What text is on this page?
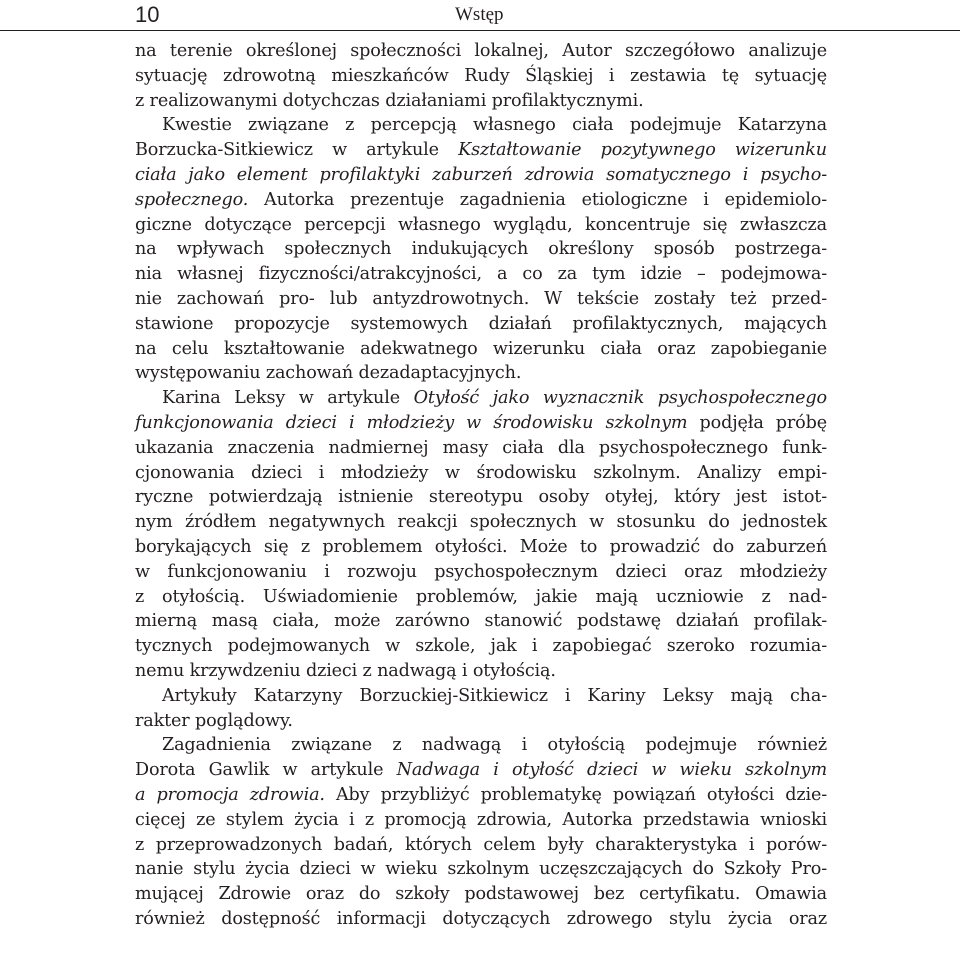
10	Wstęp
na terenie określonej społeczności lokalnej, Autor szczegółowo analizuje
sytuację zdrowotną mieszkańców Rudy Śląskiej i zestawia tę sytuację
z realizowanymi dotychczas działaniami profilaktycznymi.
Kwestie związane z percepcją własnego ciała podejmuje Katarzyna
Borzucka-Sitkiewicz w artykule Kształtowanie pozytywnego wizerunku
ciała jako element profilaktyki zaburzeń zdrowia somatycznego i psycho-
społecznego. Autorka prezentuje zagadnienia etiologiczne i epidemiolo-
giczne dotyczące percepcji własnego wyglądu, koncentruje się zwłaszcza
na wpływach społecznych indukujących określony sposób postrzega-
nia własnej fizyczności/atrakcyjności, a co za tym idzie – podejmowa-
nie zachowań pro- lub antyzdrowotnych. W tekście zostały też przed-
stawione propozycje systemowych działań profilaktycznych, mających
na celu kształtowanie adekwatnego wizerunku ciała oraz zapobieganie
występowaniu zachowań dezadaptacyjnych.
Karina Leksy w artykule Otyłość jako wyznacznik psychospołecznego
funkcjonowania dzieci i młodzieży w środowisku szkolnym podjęła próbę
ukazania znaczenia nadmiernej masy ciała dla psychospołecznego funk-
cjonowania dzieci i młodzieży w środowisku szkolnym. Analizy empi-
ryczne potwierdzają istnienie stereotypu osoby otyłej, który jest istot-
nym źródłem negatywnych reakcji społecznych w stosunku do jednostek
borykających się z problemem otyłości. Może to prowadzić do zaburzeń
w funkcjonowaniu i rozwoju psychospołecznym dzieci oraz młodzieży
z otyłością. Uświadomienie problemów, jakie mają uczniowie z nad-
mierną masą ciała, może zarówno stanowić podstawę działań profilak-
tycznych podejmowanych w szkole, jak i zapobiegać szeroko rozumia-
nemu krzywdzeniu dzieci z nadwagą i otyłością.
Artykuły Katarzyny Borzuckiej-Sitkiewicz i Kariny Leksy mają cha-
rakter poglądowy.
Zagadnienia związane z nadwagą i otyłością podejmuje również
Dorota Gawlik w artykule Nadwaga i otyłość dzieci w wieku szkolnym
a promocja zdrowia. Aby przybliżyć problematykę powiązań otyłości dzie-
cięcej ze stylem życia i z promocją zdrowia, Autorka przedstawia wnioski
z przeprowadzonych badań, których celem były charakterystyka i porów-
nanie stylu życia dzieci w wieku szkolnym uczęszczających do Szkoły Pro-
mującej Zdrowie oraz do szkoły podstawowej bez certyfikatu. Omawia
również dostępność informacji dotyczących zdrowego stylu życia oraz
